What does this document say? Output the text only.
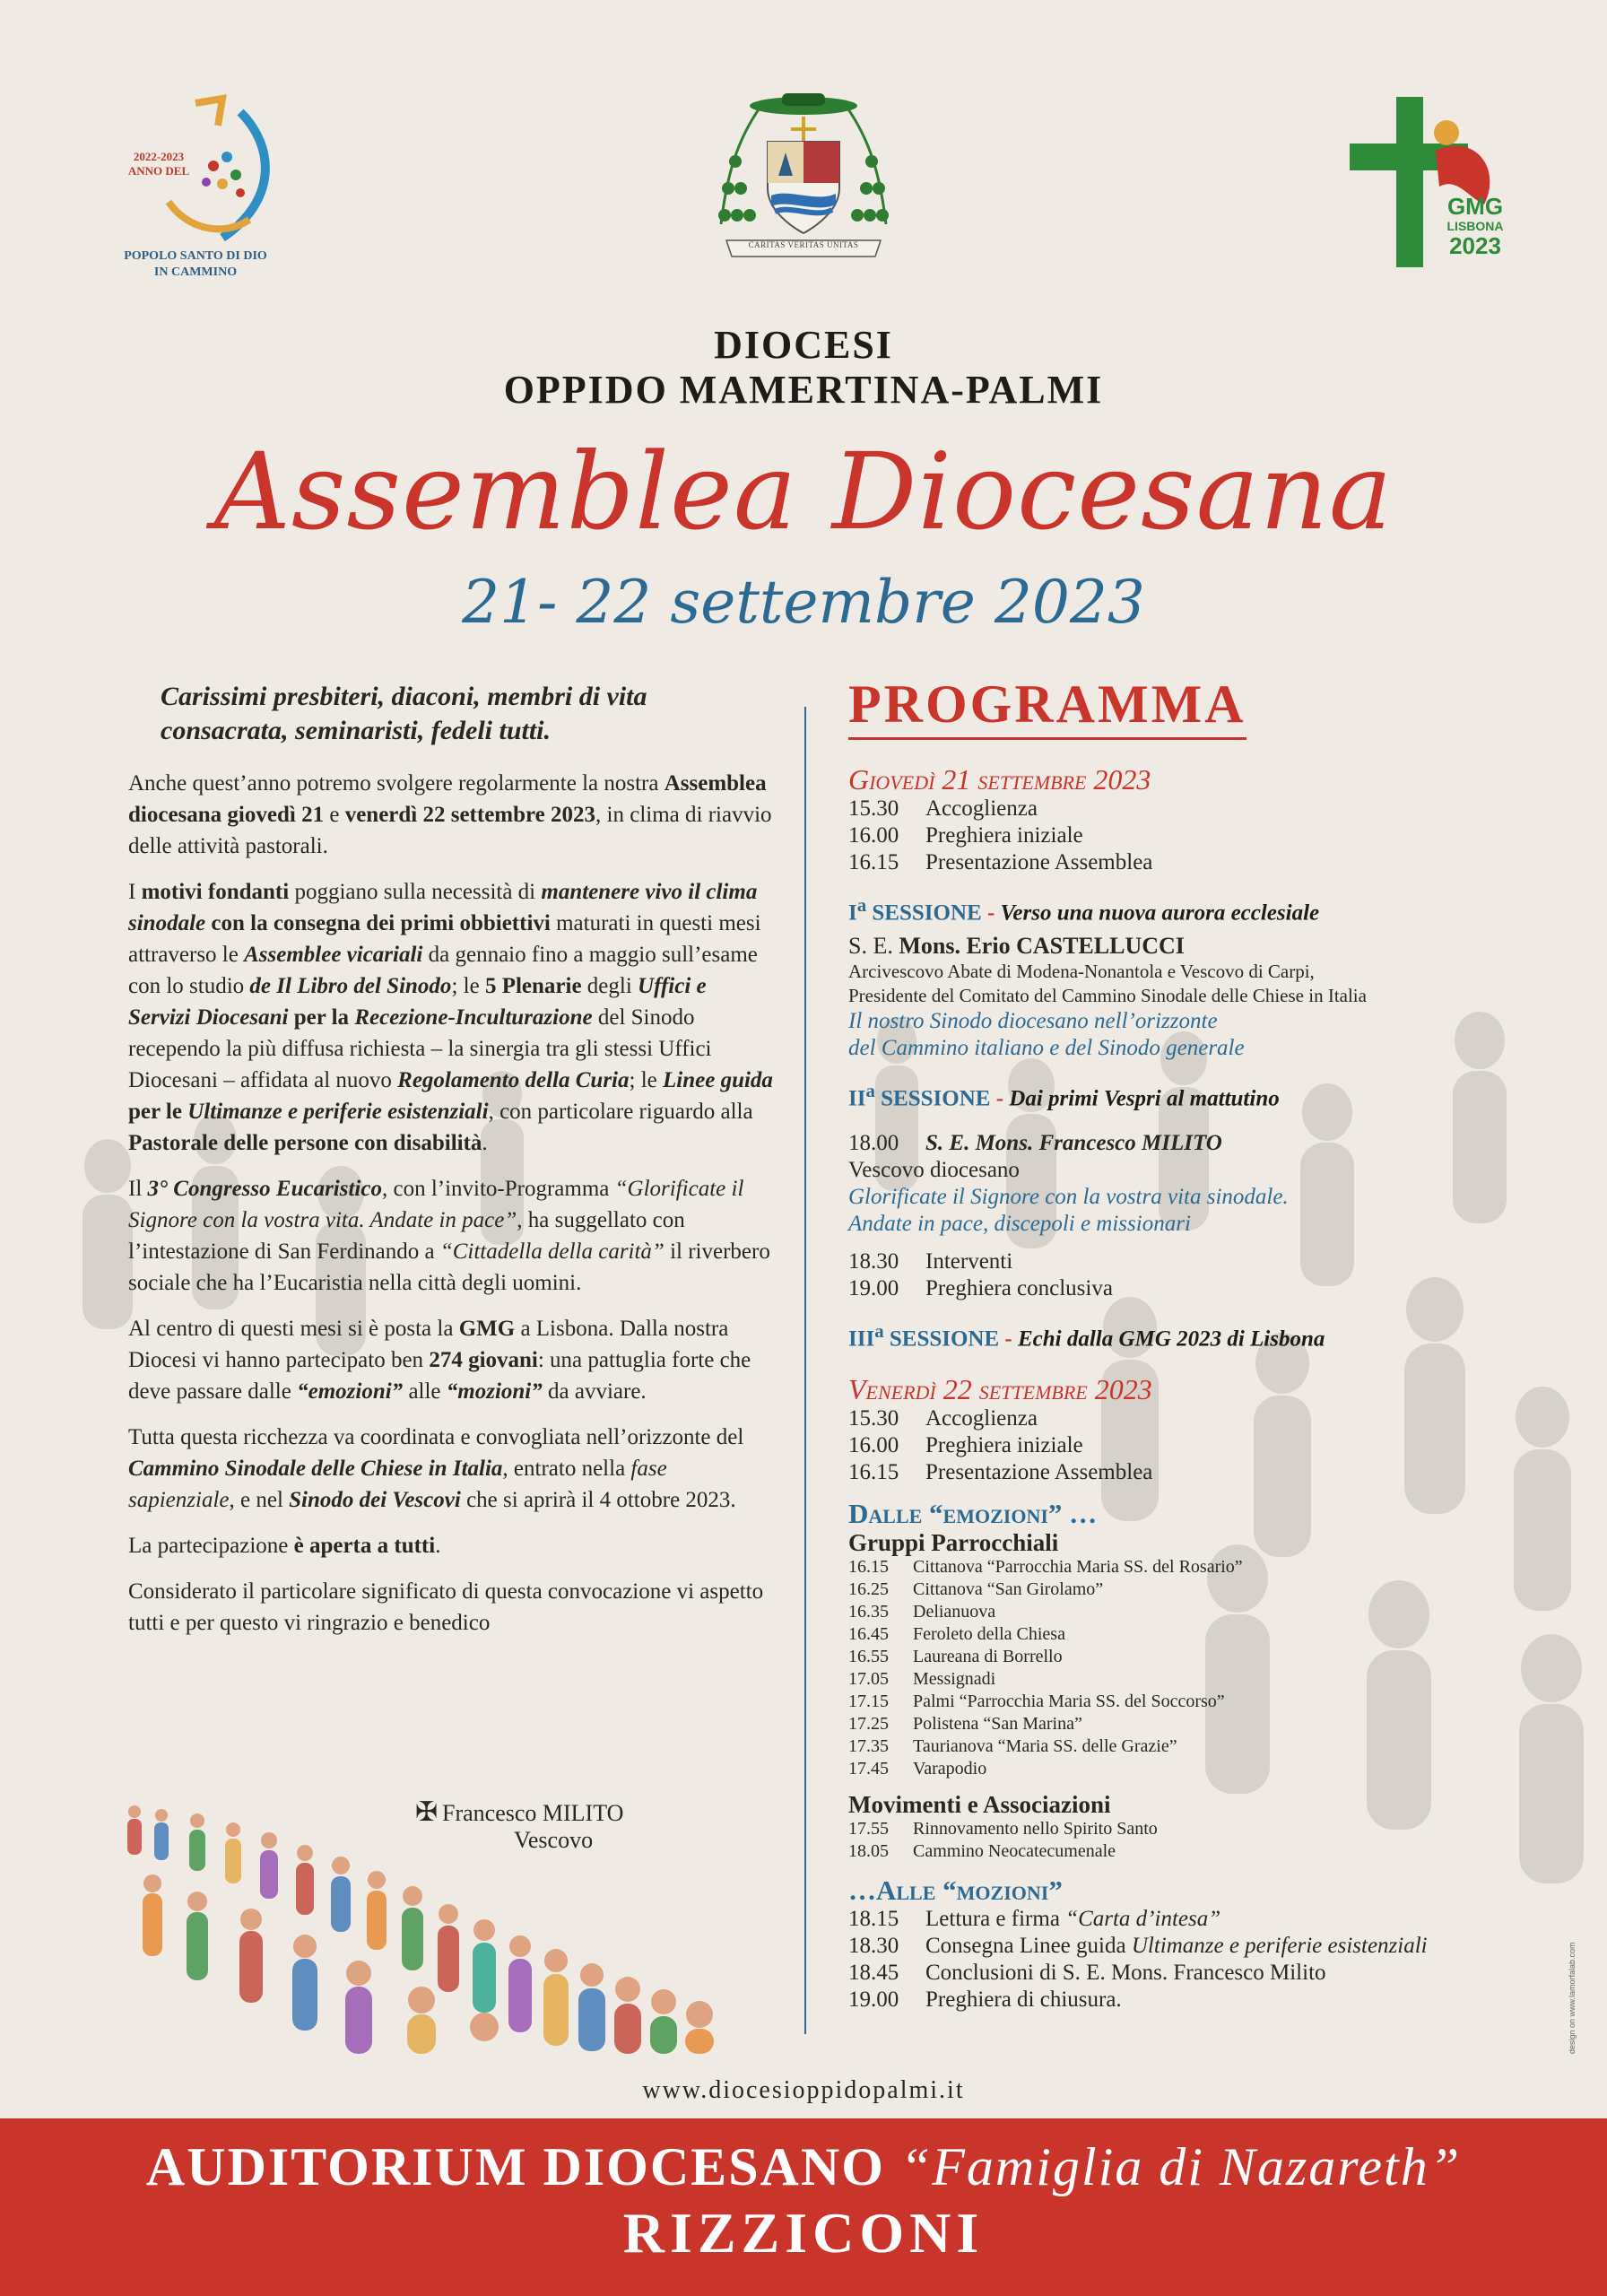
2022-2023
ANNO DEL
POPOLO SANTO DI DIO
IN CAMMINO
CARITAS VERITAS UNITAS
GMG
LISBONA
2023
DIOCESI
OPPIDO MAMERTINA-PALMI
Assemblea Diocesana
21- 22 settembre 2023
Carissimi presbiteri, diaconi, membri di vita consacrata, seminaristi, fedeli tutti.

Anche quest’anno potremo svolgere regolarmente la nostra Assemblea diocesana giovedì 21 e venerdì 22 settembre 2023, in clima di riavvio delle attività pastorali.

I motivi fondanti poggiano sulla necessità di mantenere vivo il clima sinodale con la consegna dei primi obbiettivi maturati in questi mesi attraverso le Assemblee vicariali da gennaio fino a maggio sull’esame con lo studio de Il Libro del Sinodo; le 5 Plenarie degli Uffici e Servizi Diocesani per la Recezione-Inculturazione del Sinodo recependo la più diffusa richiesta – la sinergia tra gli stessi Uffici Diocesani – affidata al nuovo Regolamento della Curia; le Linee guida per le Ultimanze e periferie esistenziali, con particolare riguardo alla Pastorale delle persone con disabilità.

Il 3° Congresso Eucaristico, con l’invito-Programma “Glorificate il Signore con la vostra vita. Andate in pace”, ha suggellato con l’intestazione di San Ferdinando a “Cittadella della carità” il riverbero sociale che ha l’Eucaristia nella città degli uomini.

Al centro di questi mesi si è posta la GMG a Lisbona. Dalla nostra Diocesi vi hanno partecipato ben 274 giovani: una pattuglia forte che deve passare dalle “emozioni” alle “mozioni” da avviare.

Tutta questa ricchezza va coordinata e convogliata nell’orizzonte del Cammino Sinodale delle Chiese in Italia, entrato nella fase sapienziale, e nel Sinodo dei Vescovi che si aprirà il 4 ottobre 2023.

La partecipazione è aperta a tutti.

Considerato il particolare significato di questa convocazione vi aspetto tutti e per questo vi ringrazio e benedico

✠ Francesco MILITO
Vescovo
PROGRAMMA
Giovedì 21 settembre 2023
15.30	Accoglienza
16.00	Preghiera iniziale
16.15	Presentazione Assemblea
$I^a$ SESSIONE - Verso una nuova aurora ecclesiale
S. E. Mons. Erio CASTELLUCCI
Arcivescovo Abate di Modena-Nonantola e Vescovo di Carpi,
Presidente del Comitato del Cammino Sinodale delle Chiese in Italia
Il nostro Sinodo diocesano nell’orizzonte
del Cammino italiano e del Sinodo generale
$II^a$ SESSIONE - Dai primi Vespri al mattutino
18.00	S. E. Mons. Francesco MILITO
Vescovo diocesano
Glorificate il Signore con la vostra vita sinodale.
Andate in pace, discepoli e missionari
18.30	Interventi
19.00	Preghiera conclusiva
III$^a$ SESSIONE - Echi dalla GMG 2023 di Lisbona
Venerdì 22 settembre 2023
15.30	Accoglienza
16.00	Preghiera iniziale
16.15	Presentazione Assemblea
Dalle “emozioni” …
Gruppi Parrocchiali
16.15	Cittanova “Parrocchia Maria SS. del Rosario”
16.25	Cittanova “San Girolamo”
16.35	Delianuova
16.45	Feroleto della Chiesa
16.55	Laureana di Borrello
17.05	Messignadi
17.15	Palmi “Parrocchia Maria SS. del Soccorso”
17.25	Polistena “San Marina”
17.35	Taurianova “Maria SS. delle Grazie”
17.45	Varapodio
Movimenti e Associazioni
17.55	Rinnovamento nello Spirito Santo
18.05	Cammino Neocatecumenale
…Alle “mozioni”
18.15	Lettura e firma “Carta d’intesa”
18.30	Consegna Linee guida Ultimanze e periferie esistenziali
18.45	Conclusioni di S. E. Mons. Francesco Milito
19.00	Preghiera di chiusura.	design on www.lamorfalab.com
www.diocesioppidopalmi.it
AUDITORIUM DIOCESANO “Famiglia di Nazareth”
RIZZICONI
